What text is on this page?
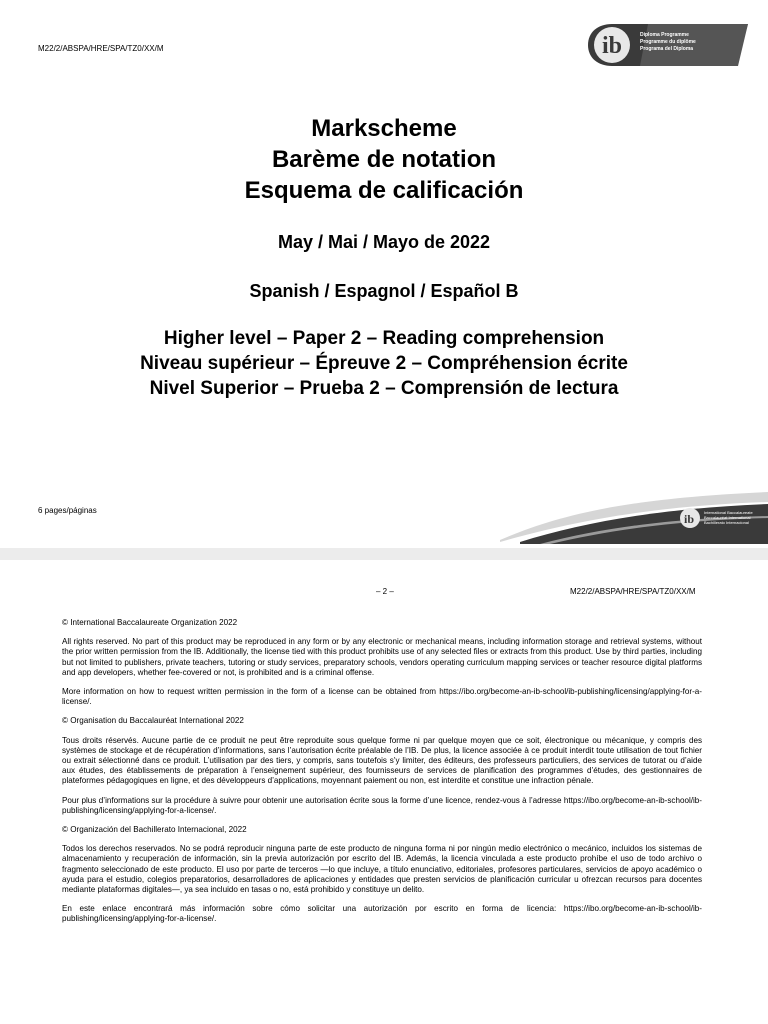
M22/2/ABSPA/HRE/SPA/TZ0/XX/M	ib	Diploma Programme
Programme du diplôme
Programa del Diploma
Markscheme
Barème de notation
Esquema de calificación
May / Mai / Mayo de 2022
Spanish / Espagnol / Español B
Higher level – Paper 2 – Reading comprehension
Niveau supérieur – Épreuve 2 – Compréhension écrite
Nivel Superior – Prueba 2 – Comprensión de lectura
6 pages/páginas
ib International Baccalaureate
Baccalauréat International
Bachillerato Internacional
– 2 –	M22/2/ABSPA/HRE/SPA/TZ0/XX/M

© International Baccalaureate Organization 2022

All rights reserved. No part of this product may be reproduced in any form or by any electronic or mechanical means, including information storage and retrieval systems, without the prior written permission from the IB. Additionally, the license tied with this product prohibits use of any selected files or extracts from this product. Use by third parties, including but not limited to publishers, private teachers, tutoring or study services, preparatory schools, vendors operating curriculum mapping services or teacher resource digital platforms and app developers, whether fee-covered or not, is prohibited and is a criminal offense.

More information on how to request written permission in the form of a license can be obtained from https://ibo.org/become-an-ib-school/ib-publishing/licensing/applying-for-a-license/.

© Organisation du Baccalauréat International 2022

Tous droits réservés. Aucune partie de ce produit ne peut être reproduite sous quelque forme ni par quelque moyen que ce soit, électronique ou mécanique, y compris des systèmes de stockage et de récupération d’informations, sans l’autorisation écrite préalable de l’IB. De plus, la licence associée à ce produit interdit toute utilisation de tout fichier ou extrait sélectionné dans ce produit. L’utilisation par des tiers, y compris, sans toutefois s’y limiter, des éditeurs, des professeurs particuliers, des services de tutorat ou d’aide aux études, des établissements de préparation à l’enseignement supérieur, des fournisseurs de services de planification des programmes d’études, des gestionnaires de plateformes pédagogiques en ligne, et des développeurs d’applications, moyennant paiement ou non, est interdite et constitue une infraction pénale.

Pour plus d’informations sur la procédure à suivre pour obtenir une autorisation écrite sous la forme d’une licence, rendez-vous à l’adresse https://ibo.org/become-an-ib-school/ib-publishing/licensing/applying-for-a-license/.

© Organización del Bachillerato Internacional, 2022

Todos los derechos reservados. No se podrá reproducir ninguna parte de este producto de ninguna forma ni por ningún medio electrónico o mecánico, incluidos los sistemas de almacenamiento y recuperación de información, sin la previa autorización por escrito del IB. Además, la licencia vinculada a este producto prohíbe el uso de todo archivo o fragmento seleccionado de este producto. El uso por parte de terceros —lo que incluye, a título enunciativo, editoriales, profesores particulares, servicios de apoyo académico o ayuda para el estudio, colegios preparatorios, desarrolladores de aplicaciones y entidades que presten servicios de planificación curricular u ofrezcan recursos para docentes mediante plataformas digitales—, ya sea incluido en tasas o no, está prohibido y constituye un delito.

En este enlace encontrará más información sobre cómo solicitar una autorización por escrito en forma de licencia: https://ibo.org/become-an-ib-school/ib-publishing/licensing/applying-for-a-license/.
